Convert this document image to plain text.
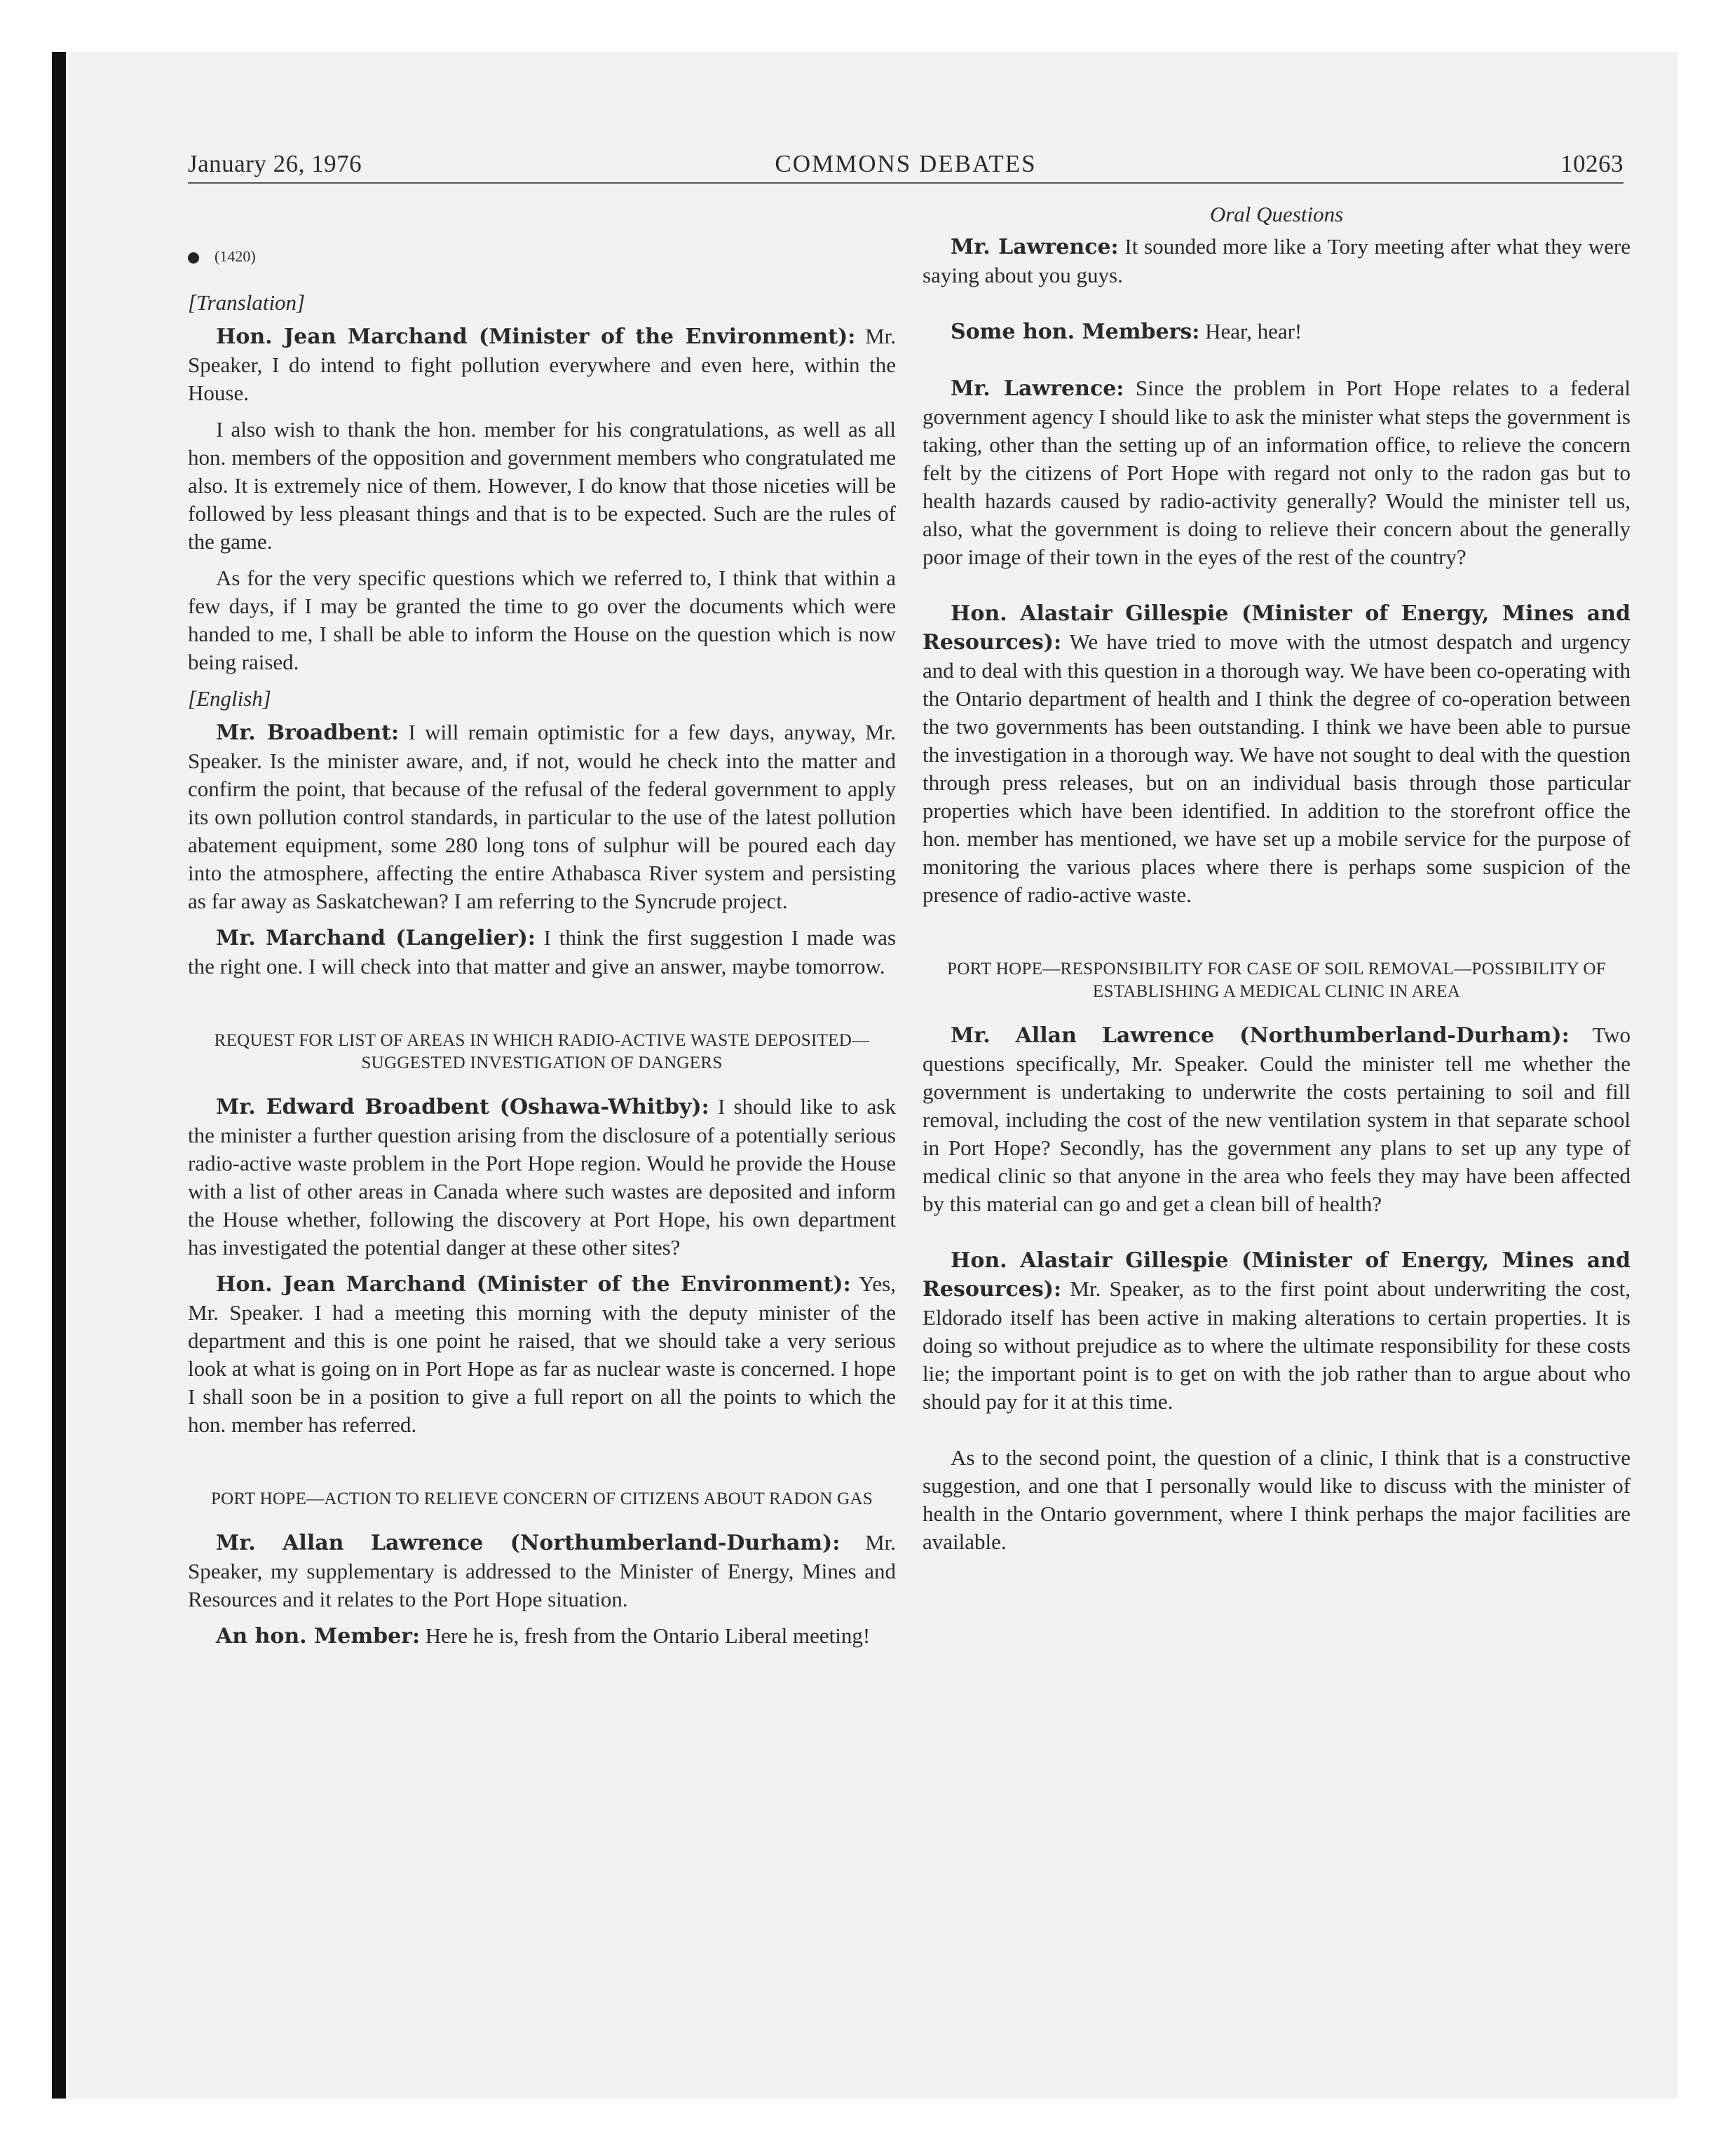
January 26, 1976	COMMONS DEBATES	10263
(1420)
[Translation]

Hon. Jean Marchand (Minister of the Environment): Mr. Speaker, I do intend to fight pollution everywhere and even here, within the House.

I also wish to thank the hon. member for his congratulations, as well as all hon. members of the opposition and government members who congratulated me also. It is extremely nice of them. However, I do know that those niceties will be followed by less pleasant things and that is to be expected. Such are the rules of the game.

As for the very specific questions which we referred to, I think that within a few days, if I may be granted the time to go over the documents which were handed to me, I shall be able to inform the House on the question which is now being raised.

[English]

Mr. Broadbent: I will remain optimistic for a few days, anyway, Mr. Speaker. Is the minister aware, and, if not, would he check into the matter and confirm the point, that because of the refusal of the federal government to apply its own pollution control standards, in particular to the use of the latest pollution abatement equipment, some 280 long tons of sulphur will be poured each day into the atmosphere, affecting the entire Athabasca River system and persisting as far away as Saskatchewan? I am referring to the Syncrude project.

Mr. Marchand (Langelier): I think the first suggestion I made was the right one. I will check into that matter and give an answer, maybe tomorrow.

REQUEST FOR LIST OF AREAS IN WHICH RADIO-ACTIVE WASTE DEPOSITED—SUGGESTED INVESTIGATION OF DANGERS

Mr. Edward Broadbent (Oshawa-Whitby): I should like to ask the minister a further question arising from the disclosure of a potentially serious radio-active waste problem in the Port Hope region. Would he provide the House with a list of other areas in Canada where such wastes are deposited and inform the House whether, following the discovery at Port Hope, his own department has investigated the potential danger at these other sites?

Hon. Jean Marchand (Minister of the Environment): Yes, Mr. Speaker. I had a meeting this morning with the deputy minister of the department and this is one point he raised, that we should take a very serious look at what is going on in Port Hope as far as nuclear waste is concerned. I hope I shall soon be in a position to give a full report on all the points to which the hon. member has referred.

PORT HOPE—ACTION TO RELIEVE CONCERN OF CITIZENS ABOUT RADON GAS

Mr. Allan Lawrence (Northumberland-Durham): Mr. Speaker, my supplementary is addressed to the Minister of Energy, Mines and Resources and it relates to the Port Hope situation.

An hon. Member: Here he is, fresh from the Ontario Liberal meeting!

Oral Questions

Mr. Lawrence: It sounded more like a Tory meeting after what they were saying about you guys.

Some hon. Members: Hear, hear!

Mr. Lawrence: Since the problem in Port Hope relates to a federal government agency I should like to ask the minister what steps the government is taking, other than the setting up of an information office, to relieve the concern felt by the citizens of Port Hope with regard not only to the radon gas but to health hazards caused by radio-activity generally? Would the minister tell us, also, what the government is doing to relieve their concern about the generally poor image of their town in the eyes of the rest of the country?

Hon. Alastair Gillespie (Minister of Energy, Mines and Resources): We have tried to move with the utmost despatch and urgency and to deal with this question in a thorough way. We have been co-operating with the Ontario department of health and I think the degree of co-operation between the two governments has been outstanding. I think we have been able to pursue the investigation in a thorough way. We have not sought to deal with the question through press releases, but on an individual basis through those particular properties which have been identified. In addition to the storefront office the hon. member has mentioned, we have set up a mobile service for the purpose of monitoring the various places where there is perhaps some suspicion of the presence of radio-active waste.

PORT HOPE—RESPONSIBILITY FOR CASE OF SOIL REMOVAL—POSSIBILITY OF ESTABLISHING A MEDICAL CLINIC IN AREA

Mr. Allan Lawrence (Northumberland-Durham): Two questions specifically, Mr. Speaker. Could the minister tell me whether the government is undertaking to underwrite the costs pertaining to soil and fill removal, including the cost of the new ventilation system in that separate school in Port Hope? Secondly, has the government any plans to set up any type of medical clinic so that anyone in the area who feels they may have been affected by this material can go and get a clean bill of health?

Hon. Alastair Gillespie (Minister of Energy, Mines and Resources): Mr. Speaker, as to the first point about underwriting the cost, Eldorado itself has been active in making alterations to certain properties. It is doing so without prejudice as to where the ultimate responsibility for these costs lie; the important point is to get on with the job rather than to argue about who should pay for it at this time.

As to the second point, the question of a clinic, I think that is a constructive suggestion, and one that I personally would like to discuss with the minister of health in the Ontario government, where I think perhaps the major facilities are available.
